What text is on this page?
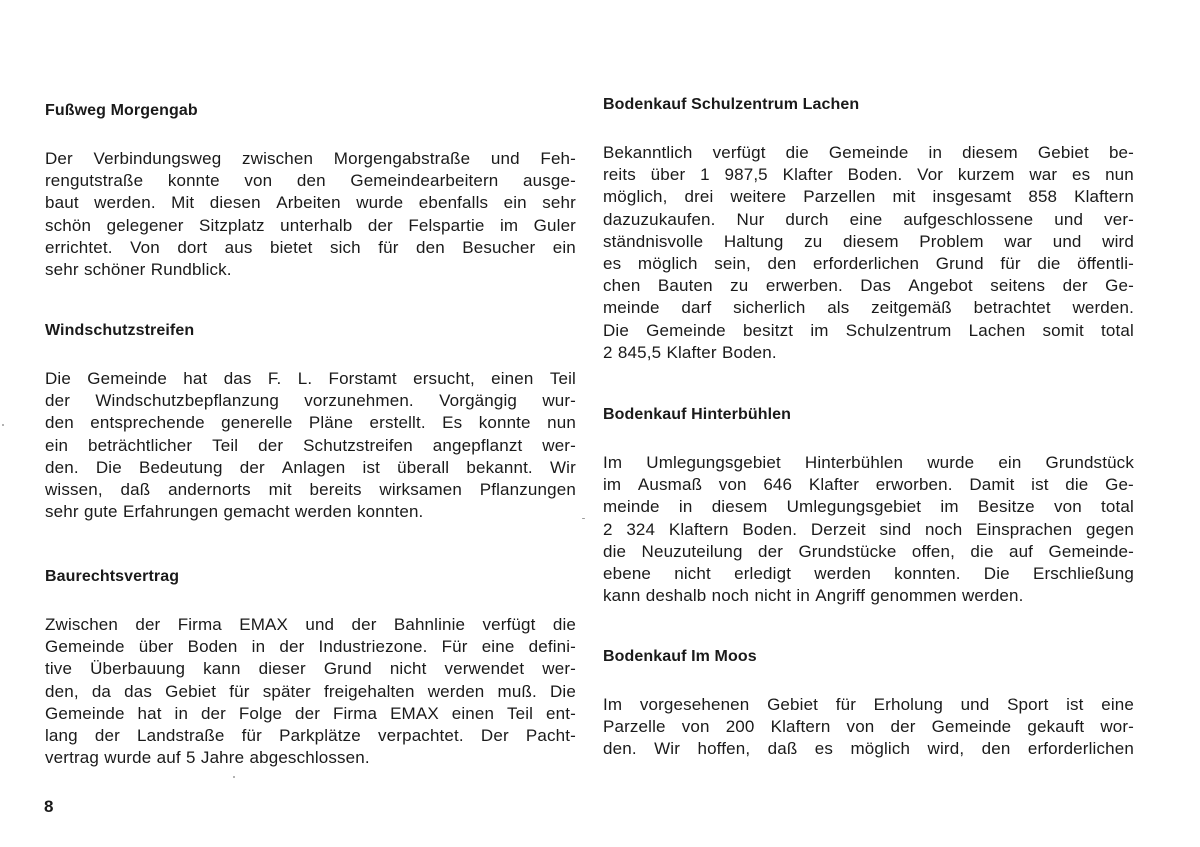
Fußweg Morgengab
Der Verbindungsweg zwischen Morgengabstraße und Feh-
rengutstraße konnte von den Gemeindearbeitern ausge-
baut werden. Mit diesen Arbeiten wurde ebenfalls ein sehr
schön gelegener Sitzplatz unterhalb der Felspartie im Guler
errichtet. Von dort aus bietet sich für den Besucher ein
sehr schöner Rundblick.
Windschutzstreifen
Die Gemeinde hat das F. L. Forstamt ersucht, einen Teil
der Windschutzbepflanzung vorzunehmen. Vorgängig wur-
den entsprechende generelle Pläne erstellt. Es konnte nun
ein beträchtlicher Teil der Schutzstreifen angepflanzt wer-
den. Die Bedeutung der Anlagen ist überall bekannt. Wir
wissen, daß andernorts mit bereits wirksamen Pflanzungen
sehr gute Erfahrungen gemacht werden konnten.
Baurechtsvertrag
Zwischen der Firma EMAX und der Bahnlinie verfügt die
Gemeinde über Boden in der Industriezone. Für eine defini-
tive Überbauung kann dieser Grund nicht verwendet wer-
den, da das Gebiet für später freigehalten werden muß. Die
Gemeinde hat in der Folge der Firma EMAX einen Teil ent-
lang der Landstraße für Parkplätze verpachtet. Der Pacht-
vertrag wurde auf 5 Jahre abgeschlossen.
Bodenkauf Schulzentrum Lachen
Bekanntlich verfügt die Gemeinde in diesem Gebiet be-
reits über 1 987,5 Klafter Boden. Vor kurzem war es nun
möglich, drei weitere Parzellen mit insgesamt 858 Klaftern
dazuzukaufen. Nur durch eine aufgeschlossene und ver-
ständnisvolle Haltung zu diesem Problem war und wird
es möglich sein, den erforderlichen Grund für die öffentli-
chen Bauten zu erwerben. Das Angebot seitens der Ge-
meinde darf sicherlich als zeitgemäß betrachtet werden.
Die Gemeinde besitzt im Schulzentrum Lachen somit total
2 845,5 Klafter Boden.
Bodenkauf Hinterbühlen
Im Umlegungsgebiet Hinterbühlen wurde ein Grundstück
im Ausmaß von 646 Klafter erworben. Damit ist die Ge-
meinde in diesem Umlegungsgebiet im Besitze von total
2 324 Klaftern Boden. Derzeit sind noch Einsprachen gegen
die Neuzuteilung der Grundstücke offen, die auf Gemeinde-
ebene nicht erledigt werden konnten. Die Erschließung
kann deshalb noch nicht in Angriff genommen werden.
Bodenkauf Im Moos
Im vorgesehenen Gebiet für Erholung und Sport ist eine
Parzelle von 200 Klaftern von der Gemeinde gekauft wor-
den. Wir hoffen, daß es möglich wird, den erforderlichen
8
